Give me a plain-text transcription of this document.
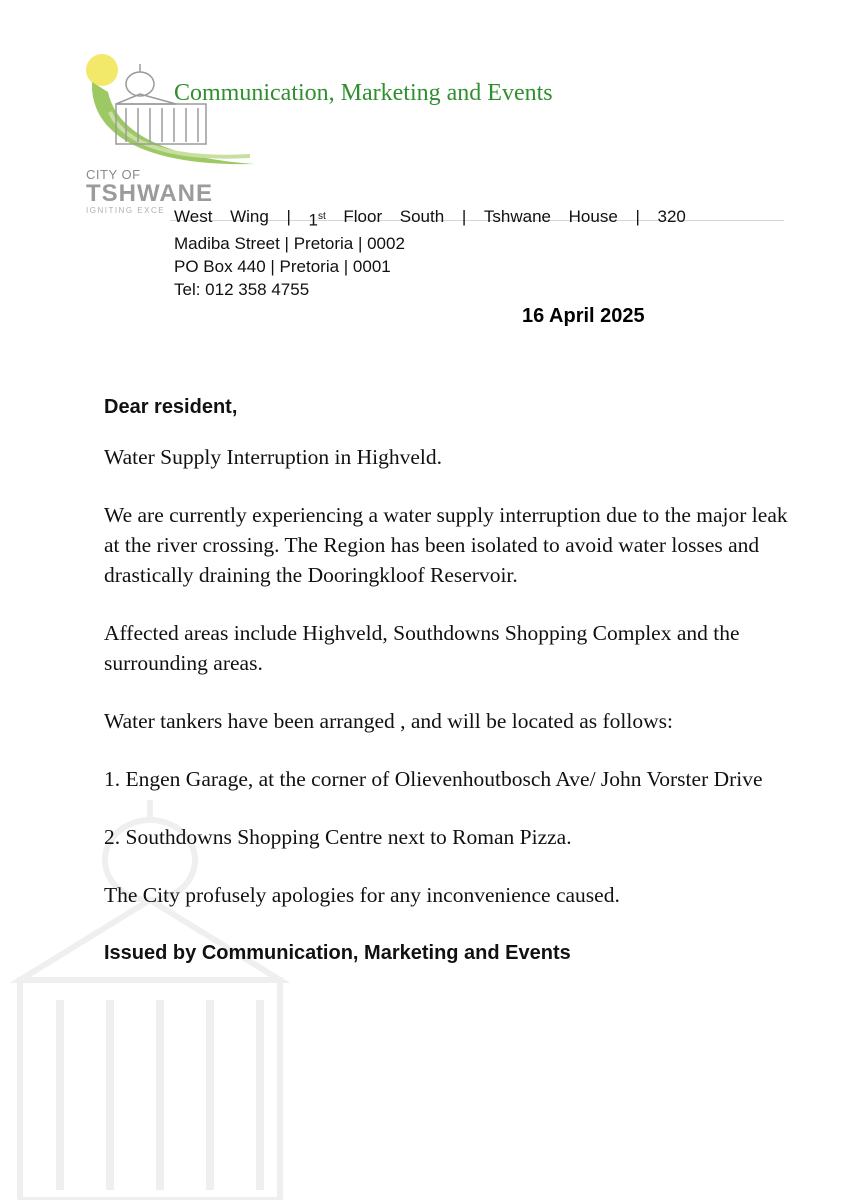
CITY OF
TSHWANE
IGNITING EXCE
Communication, Marketing and Events
West Wing | 1st Floor South | Tshwane House | 320
Madiba Street | Pretoria | 0002
PO Box 440 | Pretoria | 0001
Tel: 012 358 4755
16 April 2025
Dear resident,

Water Supply Interruption in Highveld.

We are currently experiencing a water supply interruption due to the major leak at the river crossing. The Region has been isolated to avoid water losses and drastically draining the Dooringkloof Reservoir.

Affected areas include Highveld, Southdowns Shopping Complex and the surrounding areas.

Water tankers have been arranged , and will be located as follows:

1. Engen Garage, at the corner of Olievenhoutbosch Ave/ John Vorster Drive

2. Southdowns Shopping Centre next to Roman Pizza.

The City profusely apologies for any inconvenience caused.

Issued by Communication, Marketing and Events
